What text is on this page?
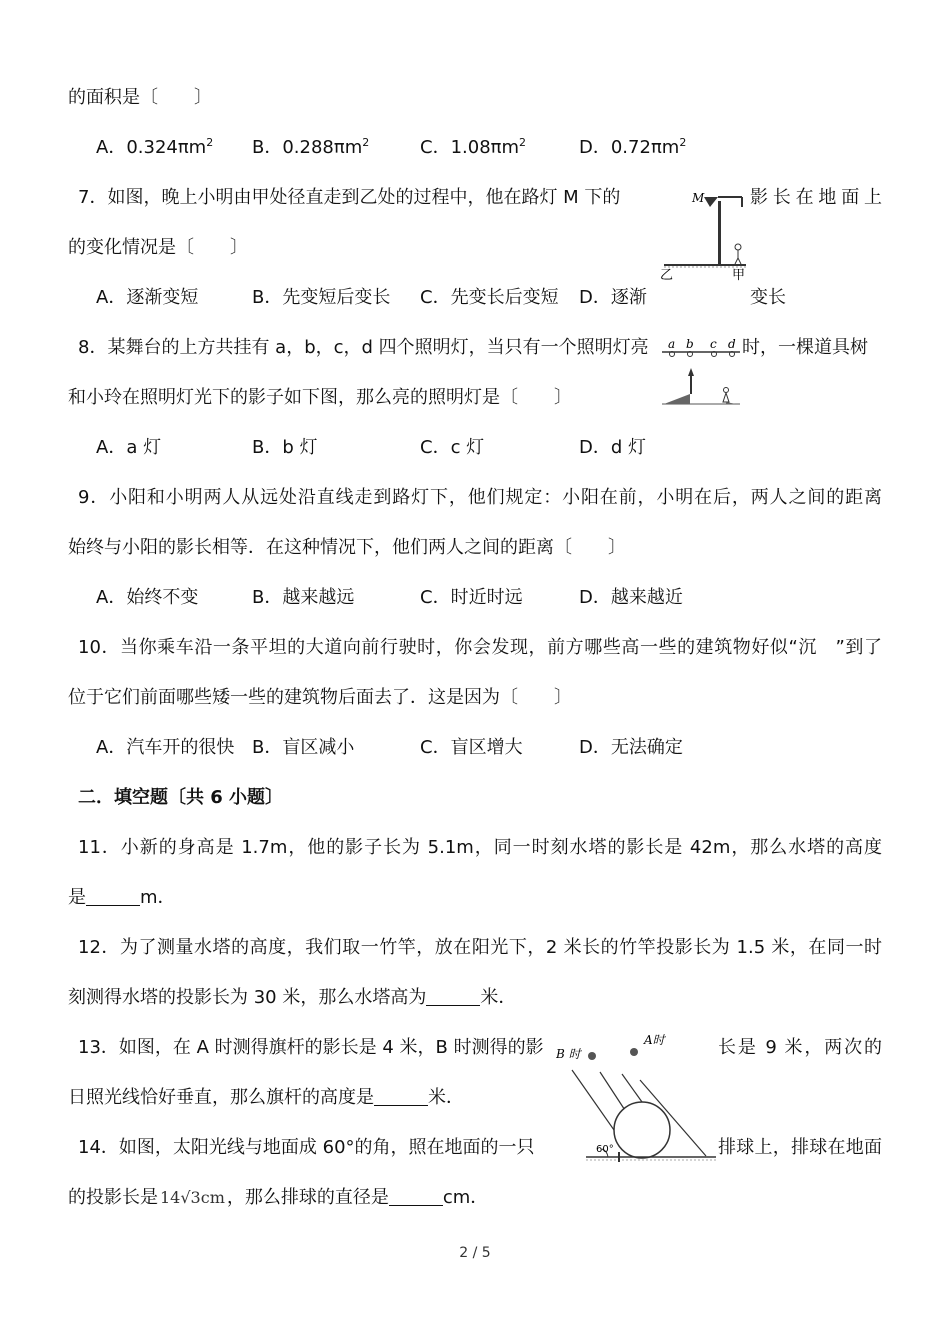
的面积是〔　　〕
A．$0.324\pi m^2$ B．$0.288\pi m^2$	C．$1.08\pi m^2$	D．$0.72\pi m^2$
7．如图，晚上小明由甲处径直走到乙处的过程中，他在路灯 M 下的	影长在地面上
的变化情况是〔　　〕
M
乙	甲
A．逐渐变短	B．先变短后变长 C．先变长后变短 D．逐渐	变长
8．某舞台的上方共挂有 a，b，c，d 四个照明灯，当只有一个照明灯亮	时，一棵道具树
和小玲在照明灯光下的影子如下图，那么亮的照明灯是〔　　〕
a b c d
A．a 灯	B．b 灯	C．c 灯	D．d 灯
9．小阳和小明两人从远处沿直线走到路灯下，他们规定：小阳在前，小明在后，两人之间的距离
始终与小阳的影长相等．在这种情况下，他们两人之间的距离〔　　〕
A．始终不变	B．越来越远	C．时近时远	D．越来越近
10．当你乘车沿一条平坦的大道向前行驶时，你会发现，前方哪些高一些的建筑物好似“沉　”到了
位于它们前面哪些矮一些的建筑物后面去了．这是因为〔　　〕
A．汽车开的很快 B．盲区减小	C．盲区增大	D．无法确定
二．填空题〔共 6 小题〕
11．小新的身高是 1.7m，他的影子长为 5.1m，同一时刻水塔的影长是 42m，那么水塔的高度
是	m．
12．为了测量水塔的高度，我们取一竹竿，放在阳光下，2 米长的竹竿投影长为 1.5 米，在同一时
刻测得水塔的投影长为 30 米，那么水塔高为	米．
13．如图，在 A 时测得旗杆的影长是 4 米，B 时测得的影	长是 9 米，两次的
日照光线恰好垂直，那么旗杆的高度是	米．
B 时
A时
60°
14．如图，太阳光线与地面成 60°的角，照在地面的一只	排球上，排球在地面
的投影长是 14√3cm ，那么排球的直径是	cm．
2 / 5
